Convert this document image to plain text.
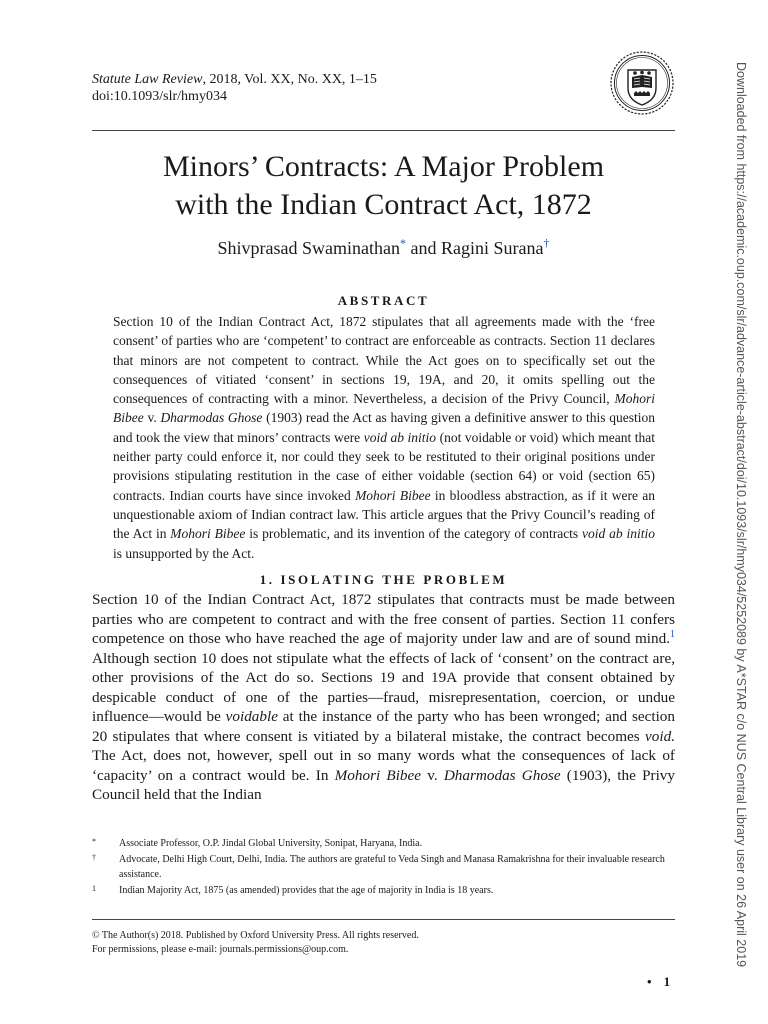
Statute Law Review, 2018, Vol. XX, No. XX, 1–15
doi:10.1093/slr/hmy034
Minors’ Contracts: A Major Problem
with the Indian Contract Act, 1872
Shivprasad Swaminathan* and Ragini Surana†
ABSTRACT

Section 10 of the Indian Contract Act, 1872 stipulates that all agreements made with the ‘free consent’ of parties who are ‘competent’ to contract are enforceable as contracts. Section 11 declares that minors are not competent to contract. While the Act goes on to specifically set out the consequences of vitiated ‘consent’ in sections 19, 19A, and 20, it omits spelling out the consequences of contracting with a minor. Nevertheless, a decision of the Privy Council, Mohori Bibee v. Dharmodas Ghose (1903) read the Act as having given a definitive answer to this question and took the view that minors’ contracts were void ab initio (not voidable or void) which meant that neither party could enforce it, nor could they seek to be restituted to their original positions under provisions stipulating restitution in the case of either voidable (section 64) or void (section 65) contracts. Indian courts have since invoked Mohori Bibee in bloodless abstraction, as if it were an unquestionable axiom of Indian contract law. This article argues that the Privy Council’s reading of the Act in Mohori Bibee is problematic, and its invention of the category of contracts void ab initio is unsupported by the Act.

1. ISOLATING THE PROBLEM

Section 10 of the Indian Contract Act, 1872 stipulates that contracts must be made between parties who are competent to contract and with the free consent of parties. Section 11 confers competence on those who have reached the age of majority under law and are of sound mind.$^1$ Although section 10 does not stipulate what the effects of lack of ‘consent’ on the contract are, other provisions of the Act do so. Sections 19 and 19A provide that consent obtained by despicable conduct of one of the parties—fraud, misrepresentation, coercion, or undue influence—would be voidable at the instance of the party who has been wronged; and section 20 stipulates that where consent is vitiated by a bilateral mistake, the contract becomes void. The Act, does not, however, spell out in so many words what the consequences of lack of ‘capacity’ on a contract would be. In Mohori Bibee v. Dharmodas Ghose (1903), the Privy Council held that the Indian

* Associate Professor, O.P. Jindal Global University, Sonipat, Haryana, India.
† Advocate, Delhi High Court, Delhi, India. The authors are grateful to Veda Singh and Manasa Ramakrishna for their invaluable research assistance.
1 Indian Majority Act, 1875 (as amended) provides that the age of majority in India is 18 years.
© The Author(s) 2018. Published by Oxford University Press. All rights reserved.
For permissions, please e-mail: journals.permissions@oup.com.
• 1
Downloaded from https://academic.oup.com/slr/advance-article-abstract/doi/10.1093/slr/hmy034/5252089 by A*STAR c/o NUS Central Library user on 26 April 2019
